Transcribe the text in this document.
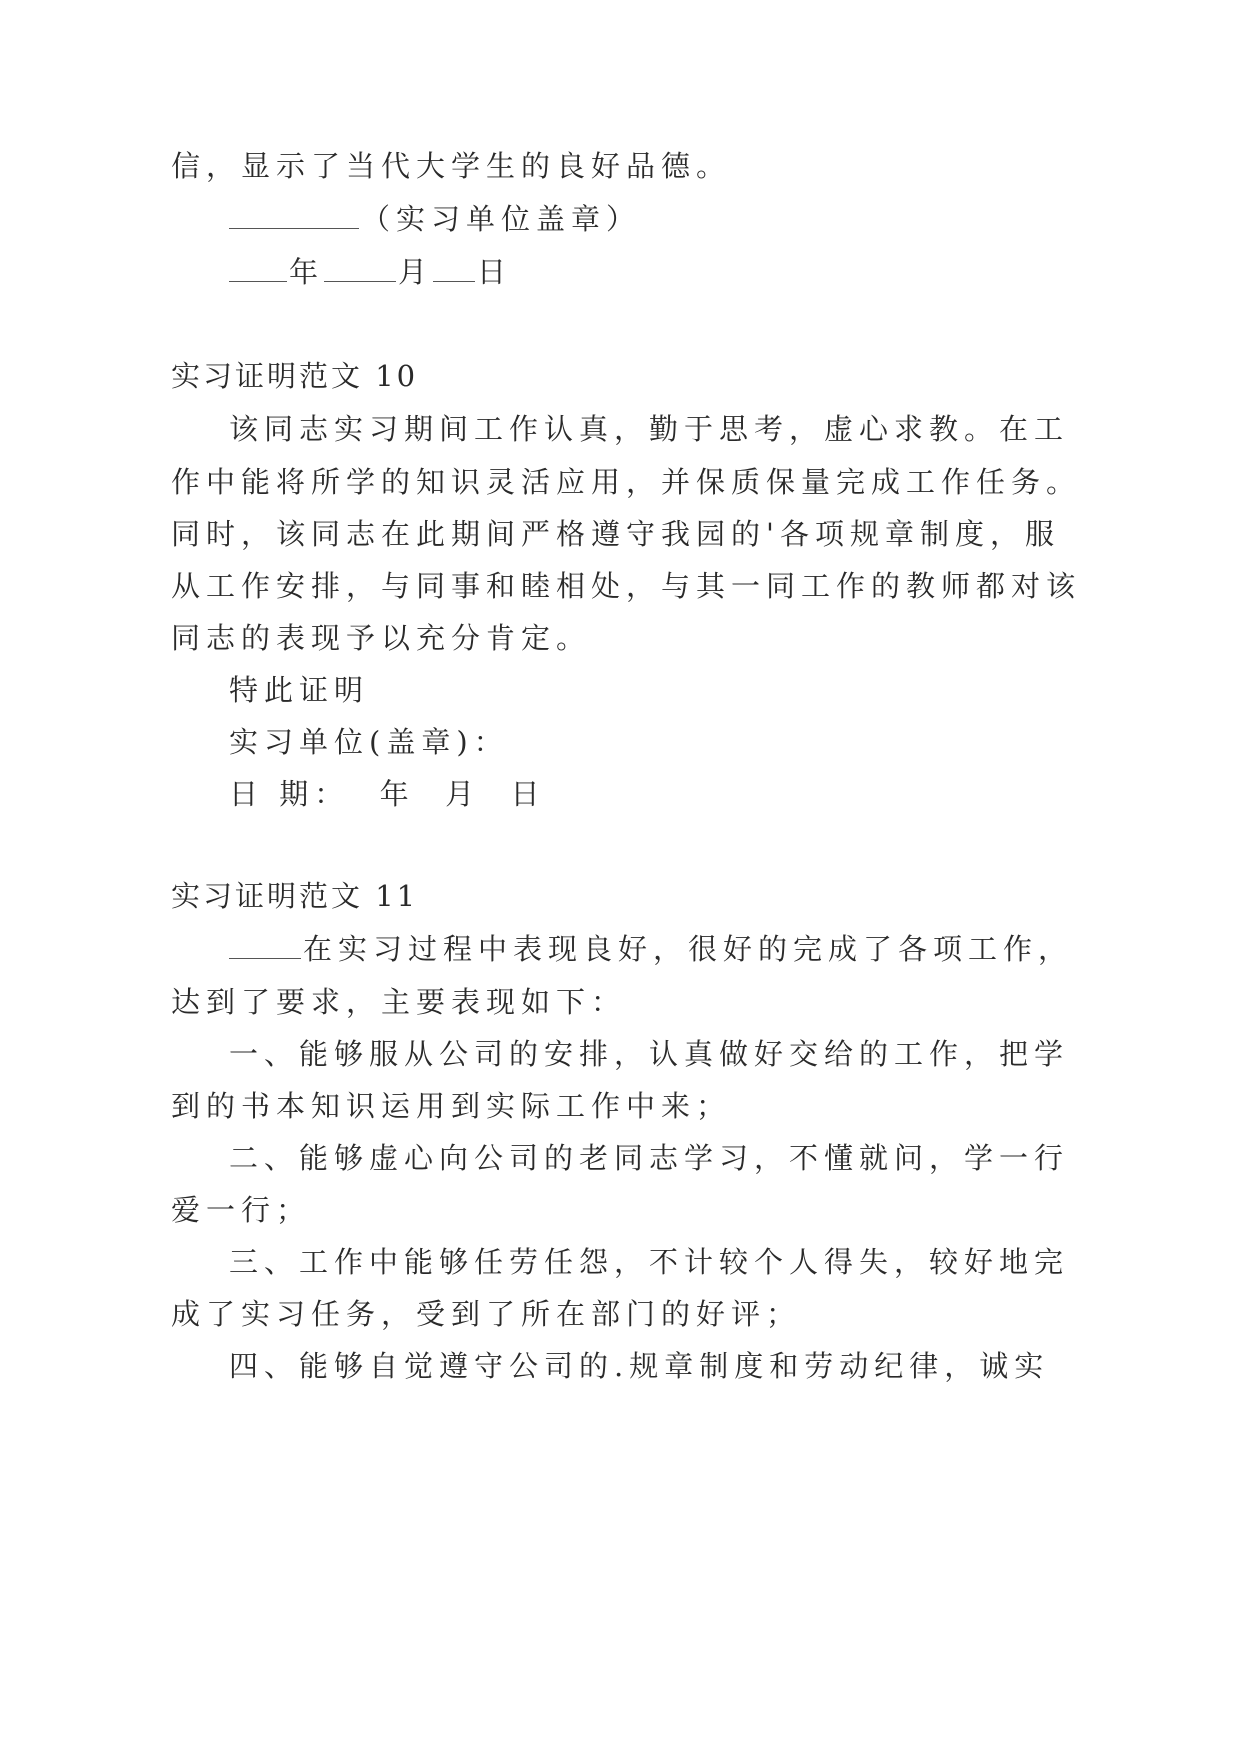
信，显示了当代大学生的良好品德。
（实习单位盖章）
年	月 日
实习证明范文 10
该同志实习期间工作认真，勤于思考，虚心求教。在工
作中能将所学的知识灵活应用，并保质保量完成工作任务。
同时，该同志在此期间严格遵守我园的'各项规章制度，服
从工作安排，与同事和睦相处，与其一同工作的教师都对该
同志的表现予以充分肯定。
特此证明
实习单位(盖章)：
日 期：  年  月  日
实习证明范文 11
在实习过程中表现良好，很好的完成了各项工作，
达到了要求，主要表现如下：
一、能够服从公司的安排，认真做好交给的工作，把学
到的书本知识运用到实际工作中来；
二、能够虚心向公司的老同志学习，不懂就问，学一行
爱一行；
三、工作中能够任劳任怨，不计较个人得失，较好地完
成了实习任务，受到了所在部门的好评；
四、能够自觉遵守公司的.规章制度和劳动纪律，诚实
